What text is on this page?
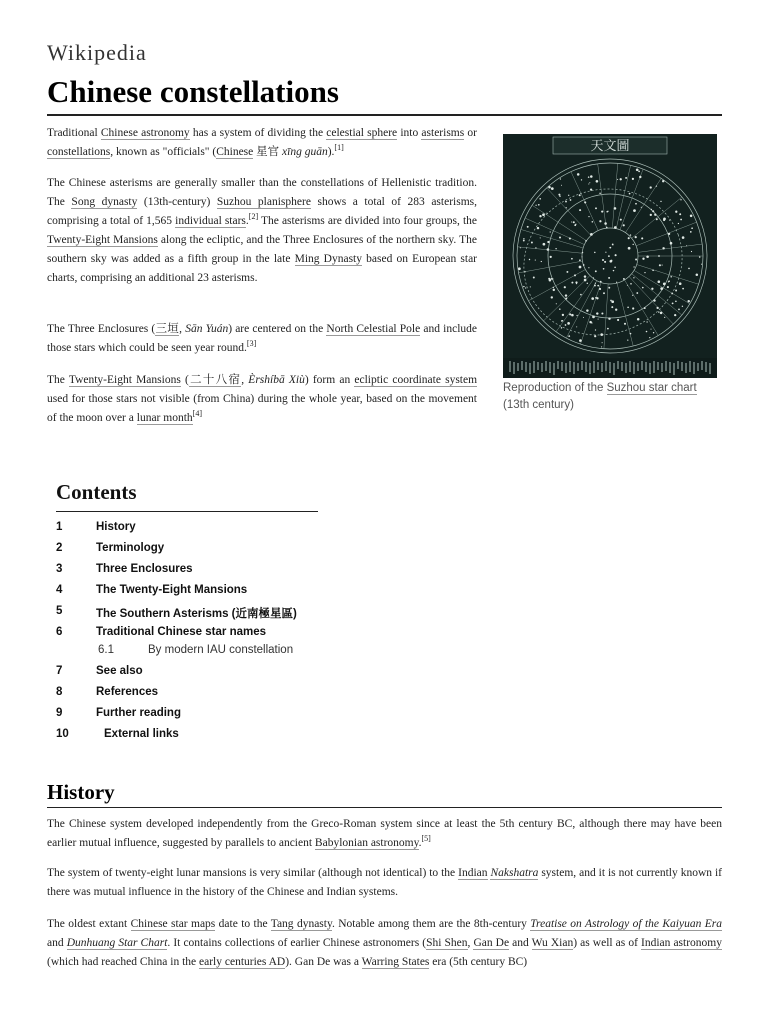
Wikipedia
Chinese constellations

Traditional Chinese astronomy has a system of dividing the celestial sphere into asterisms or constellations, known as "officials" (Chinese 星官 xīng guān).[1]

The Chinese asterisms are generally smaller than the constellations of Hellenistic tradition. The Song dynasty (13th-century) Suzhou planisphere shows a total of 283 asterisms, comprising a total of 1,565 individual stars.[2] The asterisms are divided into four groups, the Twenty-Eight Mansions along the ecliptic, and the Three Enclosures of the northern sky. The southern sky was added as a fifth group in the late Ming Dynasty based on European star charts, comprising an additional 23 asterisms.

The Three Enclosures (三垣, Sān Yuán) are centered on the North Celestial Pole and include those stars which could be seen year round.[3]

The Twenty-Eight Mansions (二十八宿, Èrshíbā Xiù) form an ecliptic coordinate system used for those stars not visible (from China) during the whole year, based on the movement of the moon over a lunar month[4]

天文圖
Reproduction of the Suzhou star chart (13th century)
Contents
1	History
2	Terminology
3	Three Enclosures
4	The Twenty-Eight Mansions
5	The Southern Asterisms (近南極星區)
6	Traditional Chinese star names
6.1	By modern IAU constellation
7	See also
8	References
9	Further reading
10	External links
History

The Chinese system developed independently from the Greco-Roman system since at least the 5th century BC, although there may have been earlier mutual influence, suggested by parallels to ancient Babylonian astronomy.[5]

The system of twenty-eight lunar mansions is very similar (although not identical) to the Indian Nakshatra system, and it is not currently known if there was mutual influence in the history of the Chinese and Indian systems.

The oldest extant Chinese star maps date to the Tang dynasty. Notable among them are the 8th-century Treatise on Astrology of the Kaiyuan Era and Dunhuang Star Chart. It contains collections of earlier Chinese astronomers (Shi Shen, Gan De and Wu Xian) as well as of Indian astronomy (which had reached China in the early centuries AD). Gan De was a Warring States era (5th century BC)
